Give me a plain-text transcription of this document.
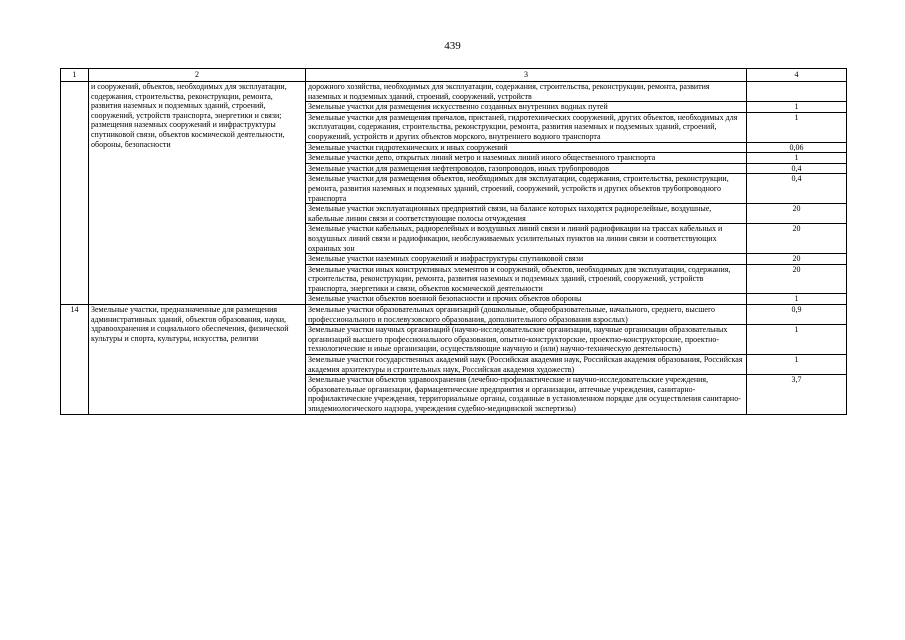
439
1	2	3	4
	и сооружений, объектов, необходимых для эксплуатации, содержания, строительства, реконструкции, ремонта, развития наземных и подземных зданий, строений, сооружений, устройств транспорта, энергетики и связи; размещения наземных сооружений и инфраструктуры спутниковой связи, объектов космической деятельности, обороны, безопасности	дорожного хозяйства, необходимых для эксплуатации, содержания, строительства, реконструкции, ремонта, развития наземных и подземных зданий, строений, сооружений, устройств	
		Земельные участки для размещения искусственно созданных внутренних водных путей	1
		Земельные участки для размещения причалов, пристаней, гидротехнических сооружений, других объектов, необходимых для эксплуатации, содержания, строительства, реконструкции, ремонта, развития наземных и подземных зданий, строений, сооружений, устройств и других объектов морского, внутреннего водного транспорта	1
		Земельные участки гидротехнических и иных сооружений	0,06
		Земельные участки депо, открытых линий метро и наземных линий иного общественного транспорта	1
		Земельные участки для размещения нефтепроводов, газопроводов, иных трубопроводов	0,4
		Земельные участки для размещения объектов, необходимых для эксплуатации, содержания, строительства, реконструкции, ремонта, развития наземных и подземных зданий, строений, сооружений, устройств и других объектов трубопроводного транспорта	0,4
		Земельные участки эксплуатационных предприятий связи, на балансе которых находятся радиорелейные, воздушные, кабельные линии связи и соответствующие полосы отчуждения	20
		Земельные участки кабельных, радиорелейных и воздушных линий связи и линий радиофикации на трассах кабельных и воздушных линий связи и радиофикации, необслуживаемых усилительных пунктов на линии связи и соответствующих охранных зон	20
		Земельные участки наземных сооружений и инфраструктуры спутниковой связи	20
		Земельные участки иных конструктивных элементов и сооружений, объектов, необходимых для эксплуатации, содержания, строительства, реконструкции, ремонта, развития наземных и подземных зданий, строений, сооружений, устройств транспорта, энергетики и связи, объектов космической деятельности	20
		Земельные участки объектов военной безопасности и прочих объектов обороны	1
14	Земельные участки, предназначенные для размещения административных зданий, объектов образования, науки, здравоохранения и социального обеспечения, физической культуры и спорта, культуры, искусства, религии	Земельные участки образовательных организаций (дошкольные, общеобразовательные, начального, среднего, высшего профессионального и послевузовского образования, дополнительного образования взрослых)	0,9
		Земельные участки научных организаций (научно-исследовательские организации, научные организации образовательных организаций высшего профессионального образования, опытно-конструкторские, проектно-конструкторские, проектно-технологические и иные организации, осуществляющие научную и (или) научно-техническую деятельность)	1
		Земельные участки государственных академий наук (Российская академия наук, Российская академия образования, Российская академия архитектуры и строительных наук, Российская академия художеств)	1
		Земельные участки объектов здравоохранения (лечебно-профилактические и научно-исследовательские учреждения, образовательные организации, фармацевтические предприятия и организации, аптечные учреждения, санитарно-профилактические учреждения, территориальные органы, созданные в установленном порядке для осуществления санитарно-эпидемиологического надзора, учреждения судебно-медицинской экспертизы)	3,7
